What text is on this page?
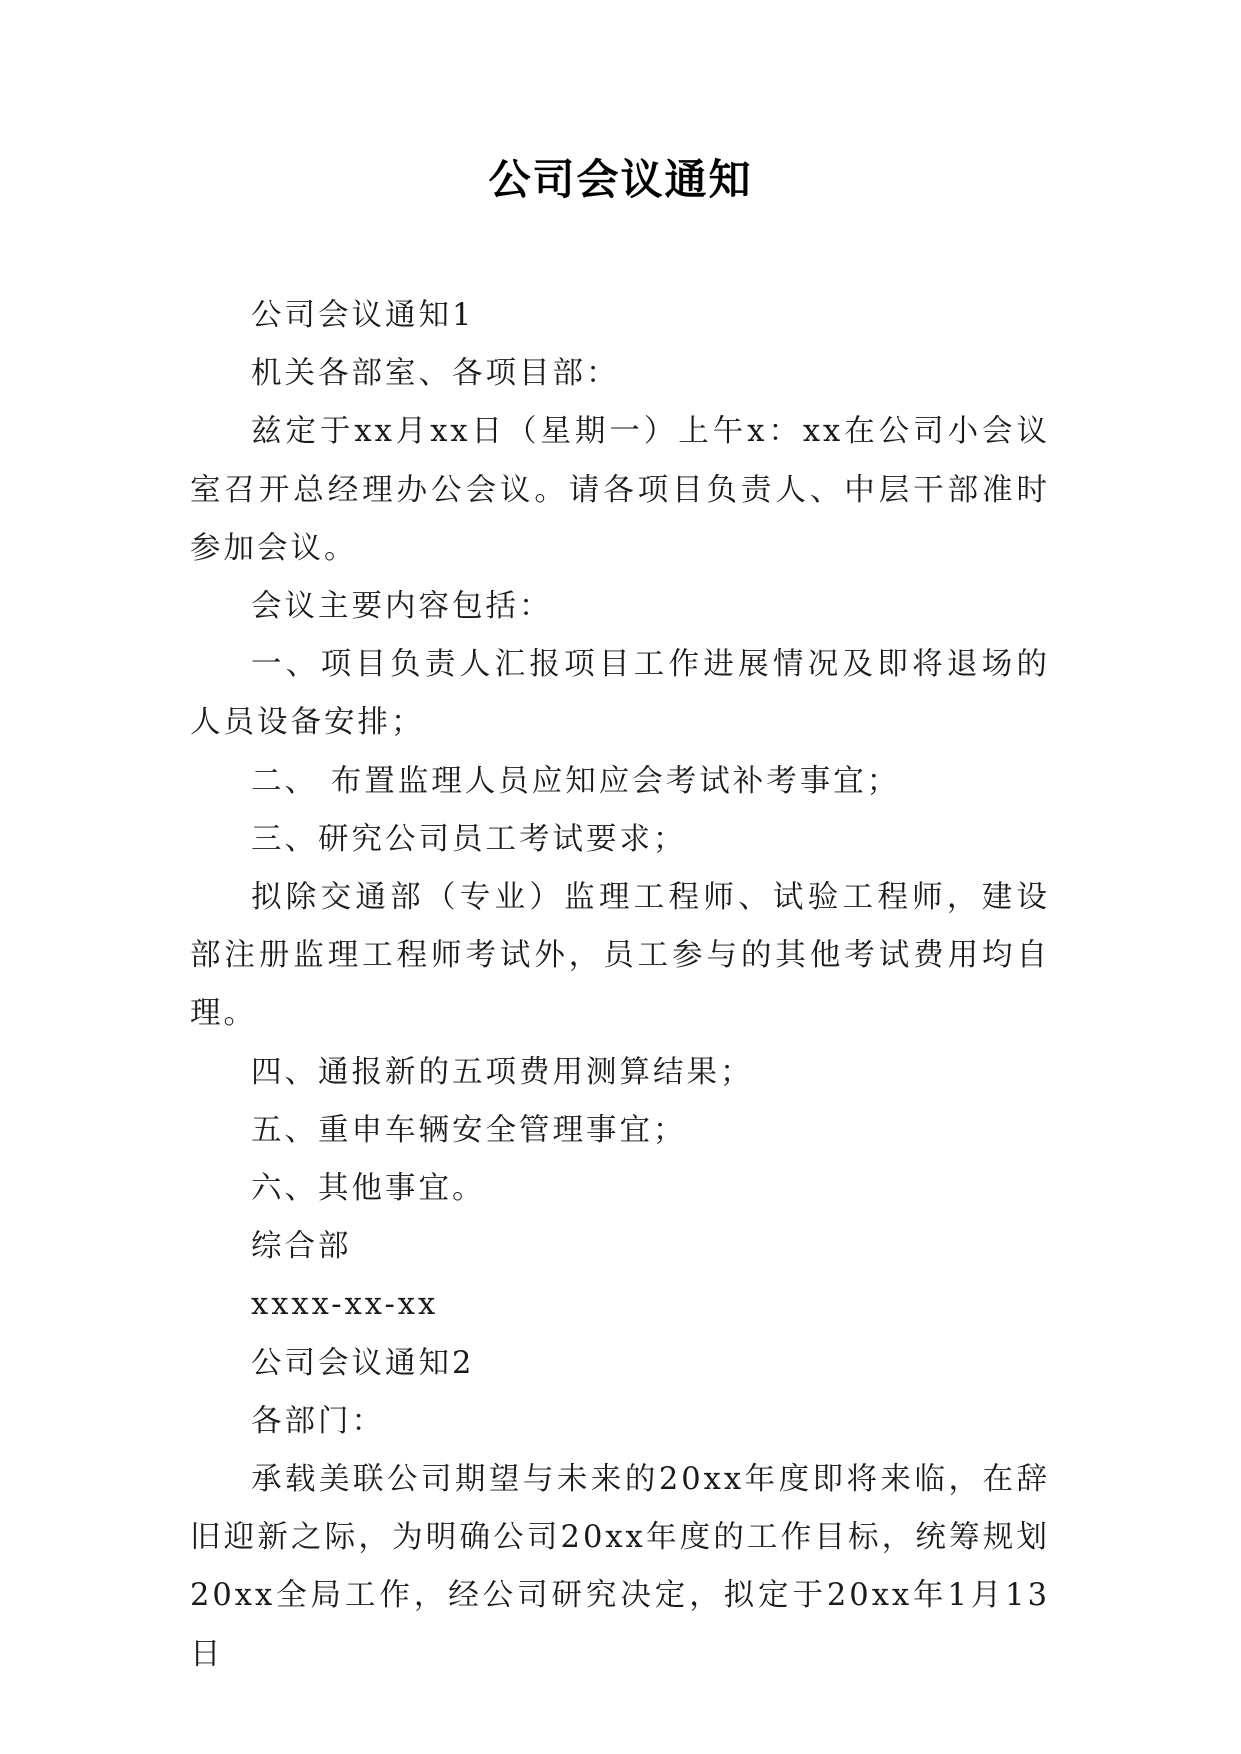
公司会议通知

公司会议通知1

机关各部室、各项目部：

兹定于xx月xx日（星期一）上午x：xx在公司小会议室召开总经理办公会议。请各项目负责人、中层干部准时参加会议。

会议主要内容包括：

一、项目负责人汇报项目工作进展情况及即将退场的人员设备安排；

二、 布置监理人员应知应会考试补考事宜；

三、研究公司员工考试要求；

拟除交通部（专业）监理工程师、试验工程师，建设部注册监理工程师考试外，员工参与的其他考试费用均自理。

四、通报新的五项费用测算结果；

五、重申车辆安全管理事宜；

六、其他事宜。

综合部

xxxx-xx-xx

公司会议通知2

各部门：

承载美联公司期望与未来的20xx年度即将来临，在辞旧迎新之际，为明确公司20xx年度的工作目标，统筹规划20xx全局工作，经公司研究决定，拟定于20xx年1月13日
